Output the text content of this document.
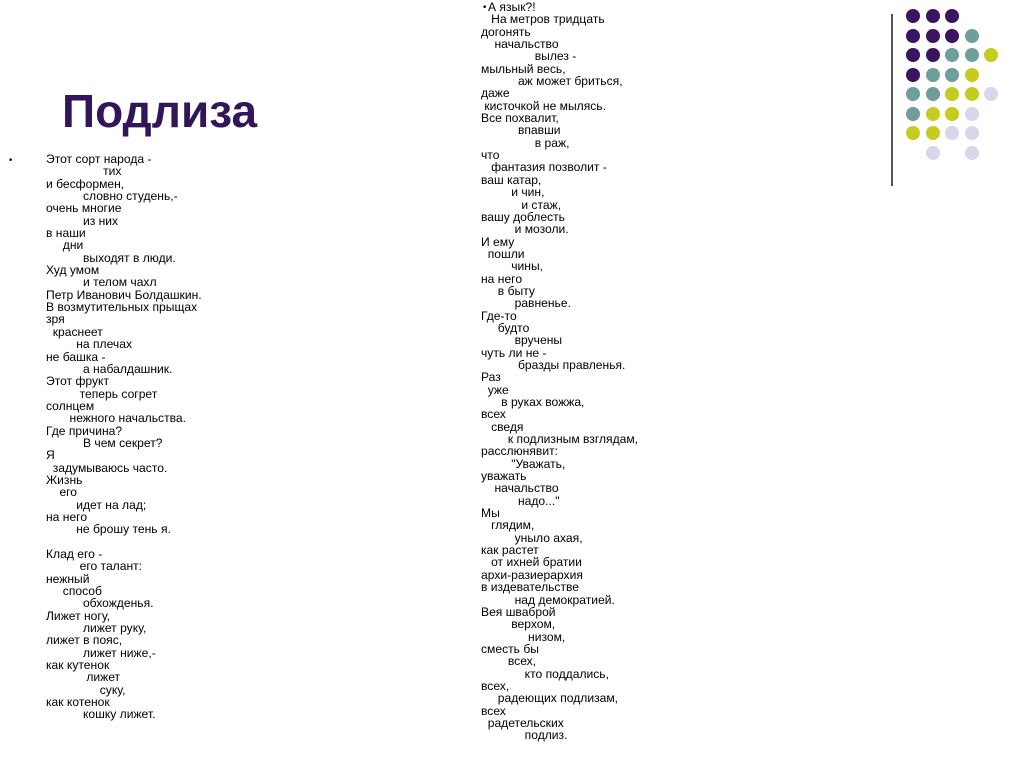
Подлиза
•
•
Этот сорт народа -
тих
и бесформен,
словно студень,-
очень многие
из них
в наши
дни
выходят в люди.
Худ умом
и телом чахл
Петр Иванович Болдашкин.
В возмутительных прыщах
зря
краснеет
на плечах
не башка -
а набалдашник.
Этот фрукт
теперь согрет
солнцем
нежного начальства.
Где причина?
В чем секрет?
Я
задумываюсь часто.
Жизнь
его
идет на лад;
на него
не брошу тень я.
Клад его -
его талант:
нежный
способ
обхожденья.
Лижет ногу,
лижет руку,
лижет в пояс,
лижет ниже,-
как кутенок
лижет
суку,
как котенок
кошку лижет.
А язык?!
На метров тридцать
догонять
начальство
вылез -
мыльный весь,
аж может бриться,
даже
кисточкой не мылясь.
Все похвалит,
впавши
в раж,
что
фантазия позволит -
ваш катар,
и чин,
и стаж,
вашу доблесть
и мозоли.
И ему
пошли
чины,
на него
в быту
равненье.
Где-то
будто
вручены
чуть ли не -
бразды правленья.
Раз
уже
в руках вожжа,
всех
сведя
к подлизным взглядам,
расслюнявит:
"Уважать,
уважать
начальство
надо..."
Мы
глядим,
уныло ахая,
как растет
от ихней братии
архи-разиерархия
в издевательстве
над демократией.
Вея шваброй
верхом,
низом,
сместь бы
всех,
кто поддались,
всех,
радеющих подлизам,
всех
радетельских
подлиз.
